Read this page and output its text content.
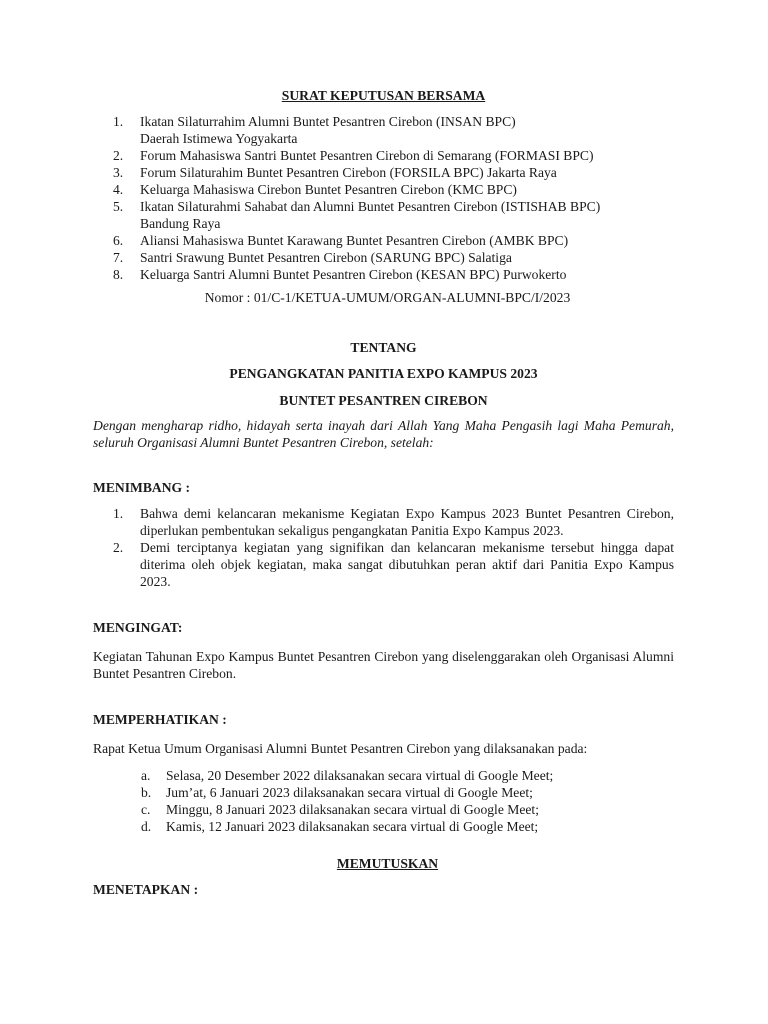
SURAT KEPUTUSAN BERSAMA
1.	Ikatan Silaturrahim Alumni Buntet Pesantren Cirebon (INSAN BPC)
Daerah Istimewa Yogyakarta
2.	Forum Mahasiswa Santri Buntet Pesantren Cirebon di Semarang (FORMASI BPC)
3.	Forum Silaturahim Buntet Pesantren Cirebon (FORSILA BPC) Jakarta Raya
4.	Keluarga Mahasiswa Cirebon Buntet Pesantren Cirebon (KMC BPC)
5.	Ikatan Silaturahmi Sahabat dan Alumni Buntet Pesantren Cirebon (ISTISHAB BPC)
Bandung Raya
6.	Aliansi Mahasiswa Buntet Karawang Buntet Pesantren Cirebon (AMBK BPC)
7.	Santri Srawung Buntet Pesantren Cirebon (SARUNG BPC) Salatiga
8.	Keluarga Santri Alumni Buntet Pesantren Cirebon (KESAN BPC) Purwokerto
Nomor : 01/C-1/KETUA-UMUM/ORGAN-ALUMNI-BPC/I/2023
TENTANG
PENGANGKATAN PANITIA EXPO KAMPUS 2023
BUNTET PESANTREN CIREBON
Dengan mengharap ridho, hidayah serta inayah dari Allah Yang Maha Pengasih lagi Maha Pemurah, seluruh Organisasi Alumni Buntet Pesantren Cirebon, setelah:
MENIMBANG :
1.	Bahwa demi kelancaran mekanisme Kegiatan Expo Kampus 2023 Buntet Pesantren Cirebon, diperlukan pembentukan sekaligus pengangkatan Panitia Expo Kampus 2023.
2.	Demi terciptanya kegiatan yang signifikan dan kelancaran mekanisme tersebut hingga dapat diterima oleh objek kegiatan, maka sangat dibutuhkan peran aktif dari Panitia Expo Kampus 2023.
MENGINGAT:
Kegiatan Tahunan Expo Kampus Buntet Pesantren Cirebon yang diselenggarakan oleh Organisasi Alumni Buntet Pesantren Cirebon.
MEMPERHATIKAN :
Rapat Ketua Umum Organisasi Alumni Buntet Pesantren Cirebon yang dilaksanakan pada:
a. Selasa, 20 Desember 2022 dilaksanakan secara virtual di Google Meet;
b. Jum’at, 6 Januari 2023 dilaksanakan secara virtual di Google Meet;
c. Minggu, 8 Januari 2023 dilaksanakan secara virtual di Google Meet;
d. Kamis, 12 Januari 2023 dilaksanakan secara virtual di Google Meet;
MEMUTUSKAN
MENETAPKAN :
